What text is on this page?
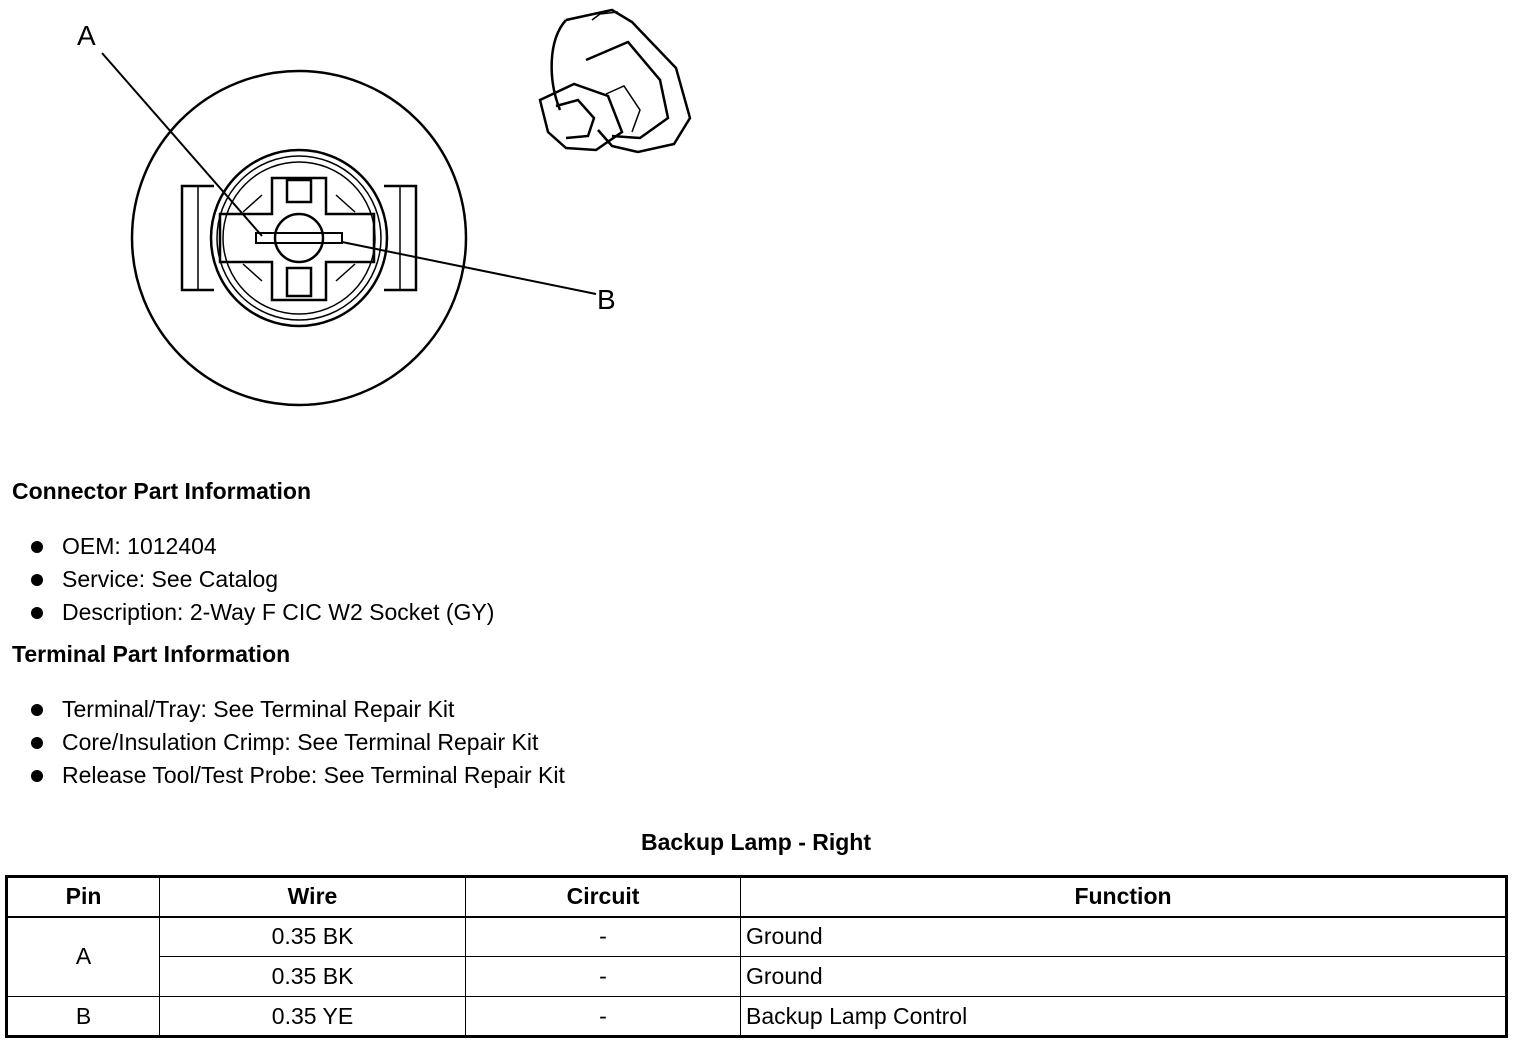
A
B
Connector Part Information
OEM: 1012404
Service: See Catalog
Description: 2-Way F CIC W2 Socket (GY)
Terminal Part Information
Terminal/Tray: See Terminal Repair Kit
Core/Insulation Crimp: See Terminal Repair Kit
Release Tool/Test Probe: See Terminal Repair Kit
Backup Lamp - Right
Pin	Wire	Circuit	Function
A	0.35 BK	-	Ground
	0.35 BK	-	Ground
B	0.35 YE	-	Backup Lamp Control
